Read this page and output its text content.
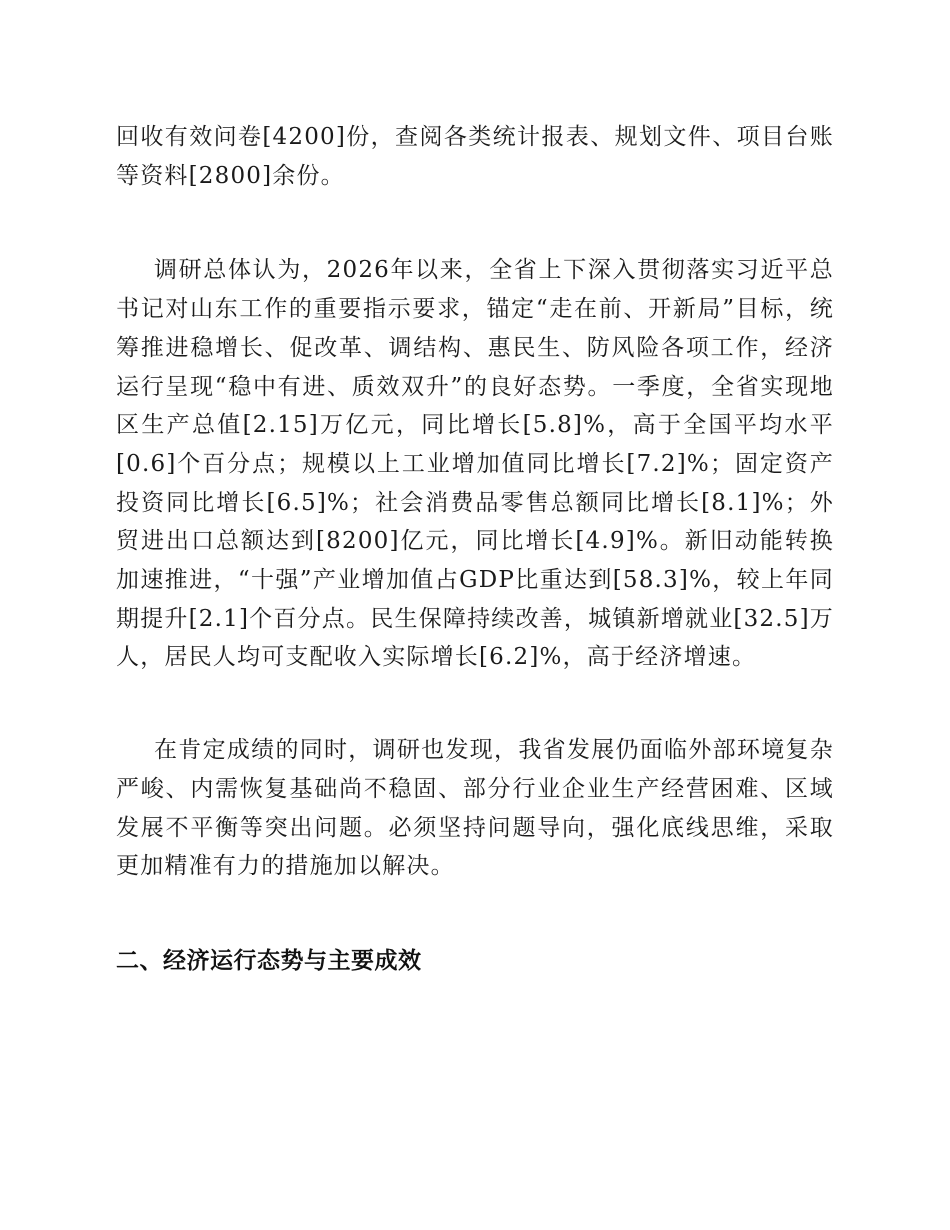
回收有效问卷[4200]份，查阅各类统计报表、规划文件、项目台账等资料[2800]余份。

调研总体认为，2026年以来，全省上下深入贯彻落实习近平总书记对山东工作的重要指示要求，锚定“走在前、开新局”目标，统筹推进稳增长、促改革、调结构、惠民生、防风险各项工作，经济运行呈现“稳中有进、质效双升”的良好态势。一季度，全省实现地区生产总值[2.15]万亿元，同比增长[5.8]%，高于全国平均水平[0.6]个百分点；规模以上工业增加值同比增长[7.2]%；固定资产投资同比增长[6.5]%；社会消费品零售总额同比增长[8.1]%；外贸进出口总额达到[8200]亿元，同比增长[4.9]%。新旧动能转换加速推进，“十强”产业增加值占GDP比重达到[58.3]%，较上年同期提升[2.1]个百分点。民生保障持续改善，城镇新增就业[32.5]万人，居民人均可支配收入实际增长[6.2]%，高于经济增速。

在肯定成绩的同时，调研也发现，我省发展仍面临外部环境复杂严峻、内需恢复基础尚不稳固、部分行业企业生产经营困难、区域发展不平衡等突出问题。必须坚持问题导向，强化底线思维，采取更加精准有力的措施加以解决。

二、经济运行态势与主要成效
